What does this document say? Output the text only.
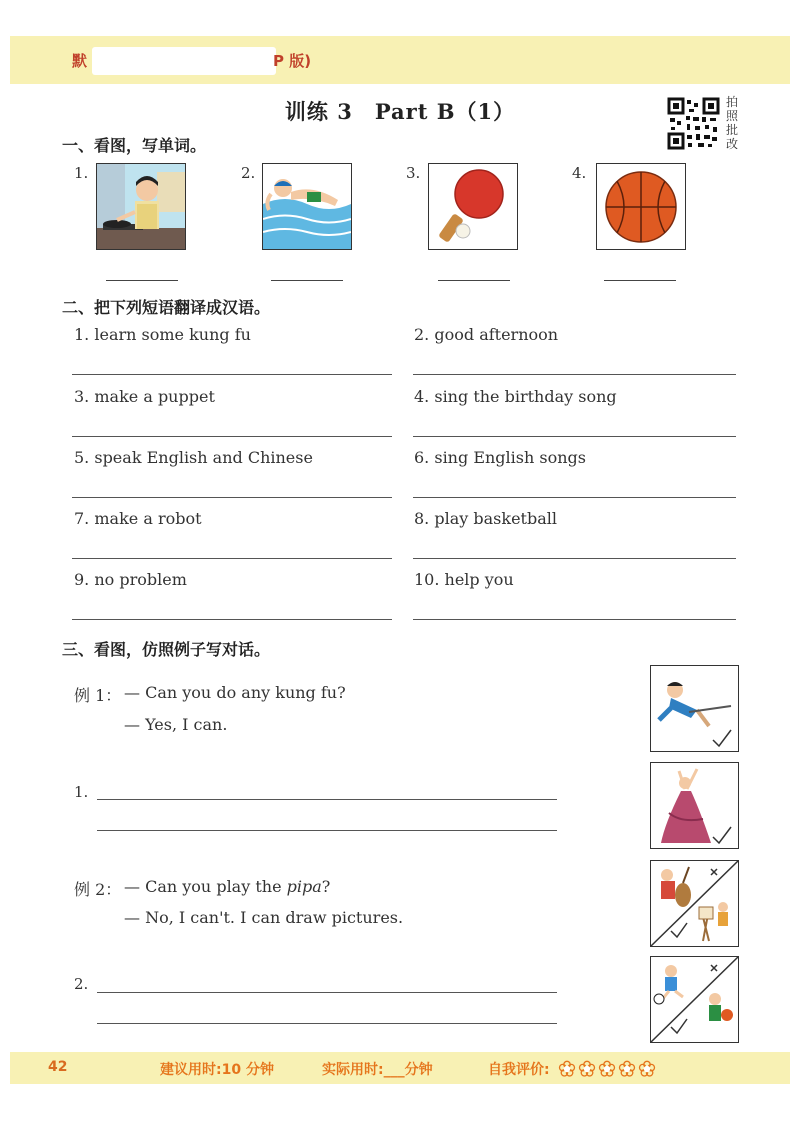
默	P 版)
训练 3　Part B（1）	拍照批改
一、看图，写单词。
1.	2.	3.	4.
二、把下列短语翻译成汉语。
1. learn some kung fu	2. good afternoon
3. make a puppet	4. sing the birthday song
5. speak English and Chinese	6. sing English songs
7. make a robot	8. play basketball
9. no problem	10. help you
三、看图，仿照例子写对话。
例 1： — Can you do any kung fu?
— Yes, I can.
1.
例 2： — Can you play the pipa?
— No, I can't. I can draw pictures.
2.
42	建议用时:10 分钟	实际用时:___分钟	自我评价:
